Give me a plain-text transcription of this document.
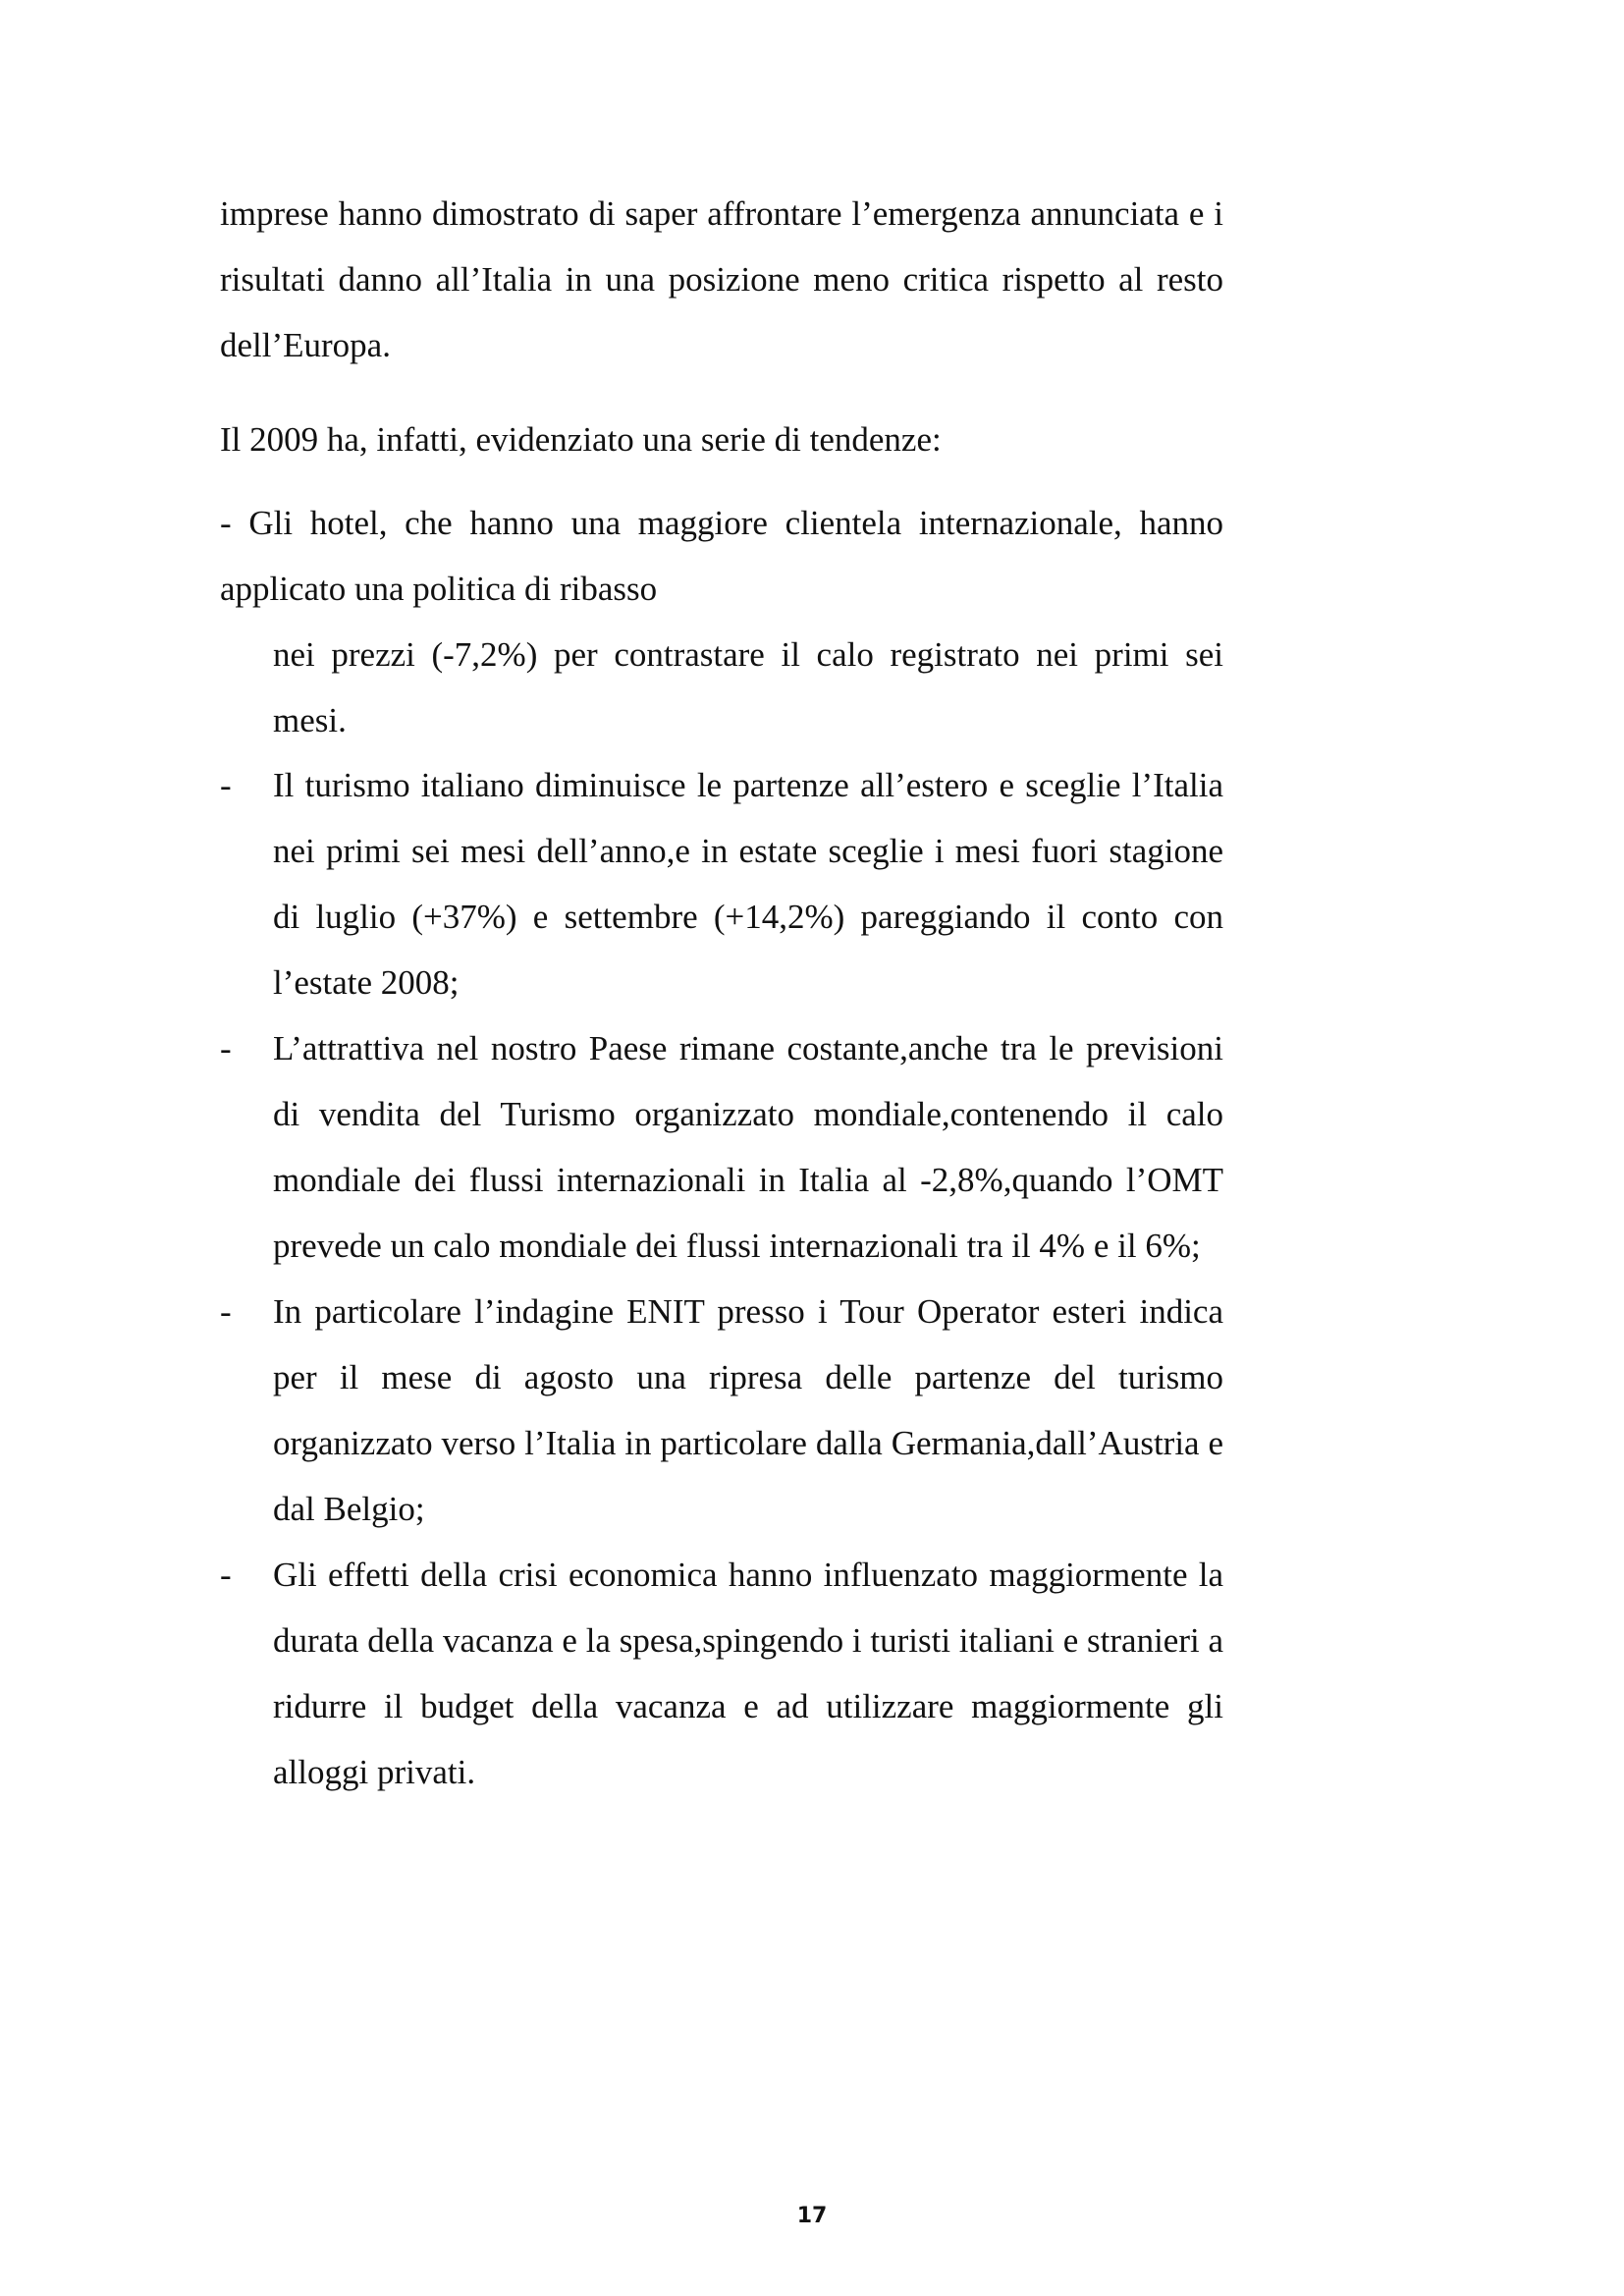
imprese hanno dimostrato di saper affrontare l’emergenza annunciata e i risultati danno all’Italia in una posizione meno critica rispetto al resto dell’Europa.

Il 2009 ha, infatti, evidenziato una serie di tendenze:

- Gli hotel, che hanno una maggiore clientela internazionale, hanno applicato una politica di ribasso
nei prezzi (-7,2%) per contrastare il calo registrato nei primi sei mesi.
- Il turismo italiano diminuisce le partenze all’estero e sceglie l’Italia nei primi sei mesi dell’anno,e in estate sceglie i mesi fuori stagione di luglio (+37%) e settembre (+14,2%) pareggiando il conto con l’estate 2008;
- L’attrattiva nel nostro Paese rimane costante,anche tra le previsioni di vendita del Turismo organizzato mondiale,contenendo il calo mondiale dei flussi internazionali in Italia al -2,8%,quando l’OMT prevede un calo mondiale dei flussi internazionali tra il 4% e il 6%;
- In particolare l’indagine ENIT presso i Tour Operator esteri indica per il mese di agosto una ripresa delle partenze del turismo organizzato verso l’Italia in particolare dalla Germania,dall’Austria e dal Belgio;
- Gli effetti della crisi economica hanno influenzato maggiormente la durata della vacanza e la spesa,spingendo i turisti italiani e stranieri a ridurre il budget della vacanza e ad utilizzare maggiormente gli alloggi privati.
17
